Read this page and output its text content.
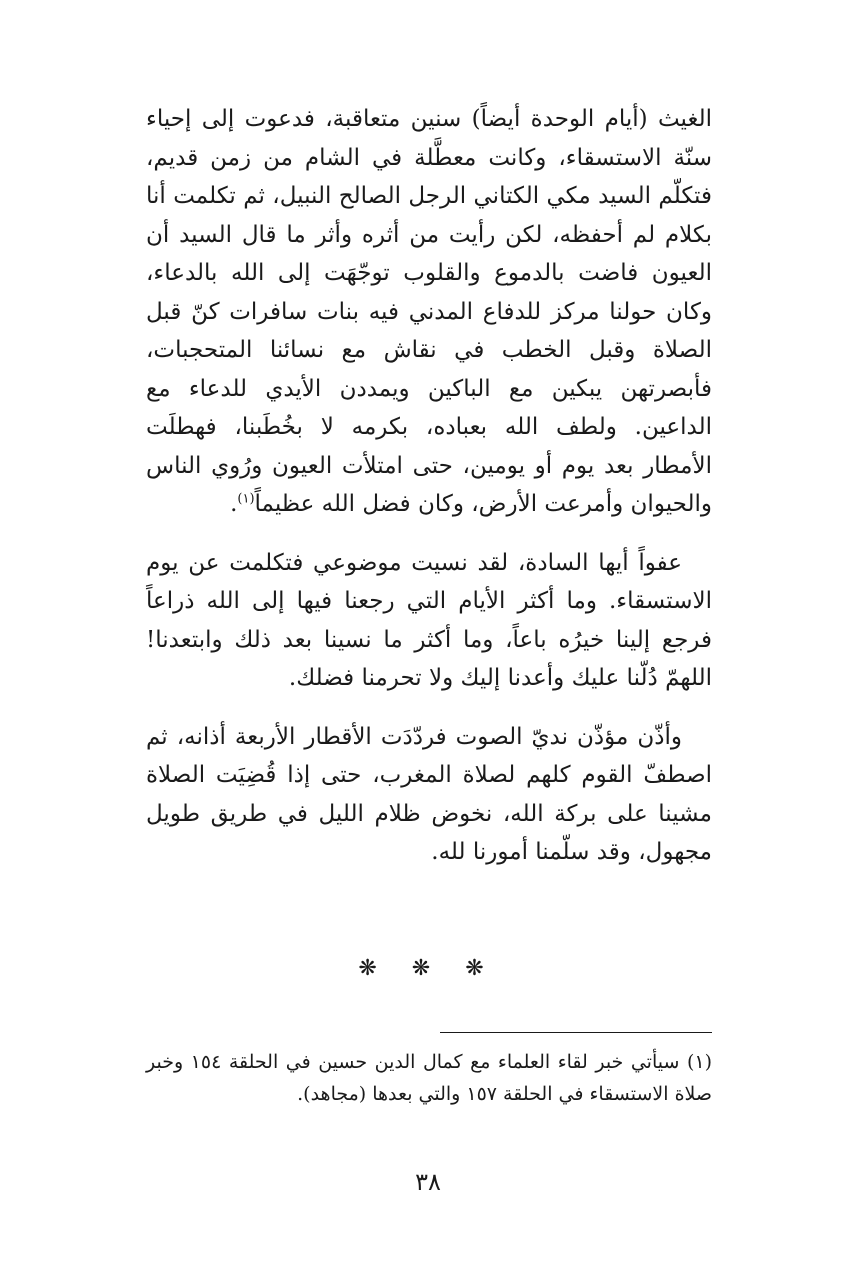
الغيث (أيام الوحدة أيضاً) سنين متعاقبة، فدعوت إلى إحياء سنّة الاستسقاء، وكانت معطَّلة في الشام من زمن قديم، فتكلّم السيد مكي الكتاني الرجل الصالح النبيل، ثم تكلمت أنا بكلام لم أحفظه، لكن رأيت من أثره وأثر ما قال السيد أن العيون فاضت بالدموع والقلوب توجّهَت إلى الله بالدعاء، وكان حولنا مركز للدفاع المدني فيه بنات سافرات كنّ قبل الصلاة وقبل الخطب في نقاش مع نسائنا المتحجبات، فأبصرتهن يبكين مع الباكين ويمددن الأيدي للدعاء مع الداعين. ولطف الله بعباده، بكرمه لا بخُطَبنا، فهطلَت الأمطار بعد يوم أو يومين، حتى امتلأت العيون ورُوي الناس والحيوان وأمرعت الأرض، وكان فضل الله عظيماً$^{(١)}$.

عفواً أيها السادة، لقد نسيت موضوعي فتكلمت عن يوم الاستسقاء. وما أكثر الأيام التي رجعنا فيها إلى الله ذراعاً فرجع إلينا خيرُه باعاً، وما أكثر ما نسينا بعد ذلك وابتعدنا! اللهمّ دُلّنا عليك وأعدنا إليك ولا تحرمنا فضلك.

وأذّن مؤذّن نديّ الصوت فردّدَت الأقطار الأربعة أذانه، ثم اصطفّ القوم كلهم لصلاة المغرب، حتى إذا قُضِيَت الصلاة مشينا على بركة الله، نخوض ظلام الليل في طريق طويل مجهول، وقد سلّمنا أمورنا لله.

❋ ❋ ❋
(١) سيأتي خبر لقاء العلماء مع كمال الدين حسين في الحلقة ١٥٤ وخبر صلاة الاستسقاء في الحلقة ١٥٧ والتي بعدها (مجاهد).
٣٨
